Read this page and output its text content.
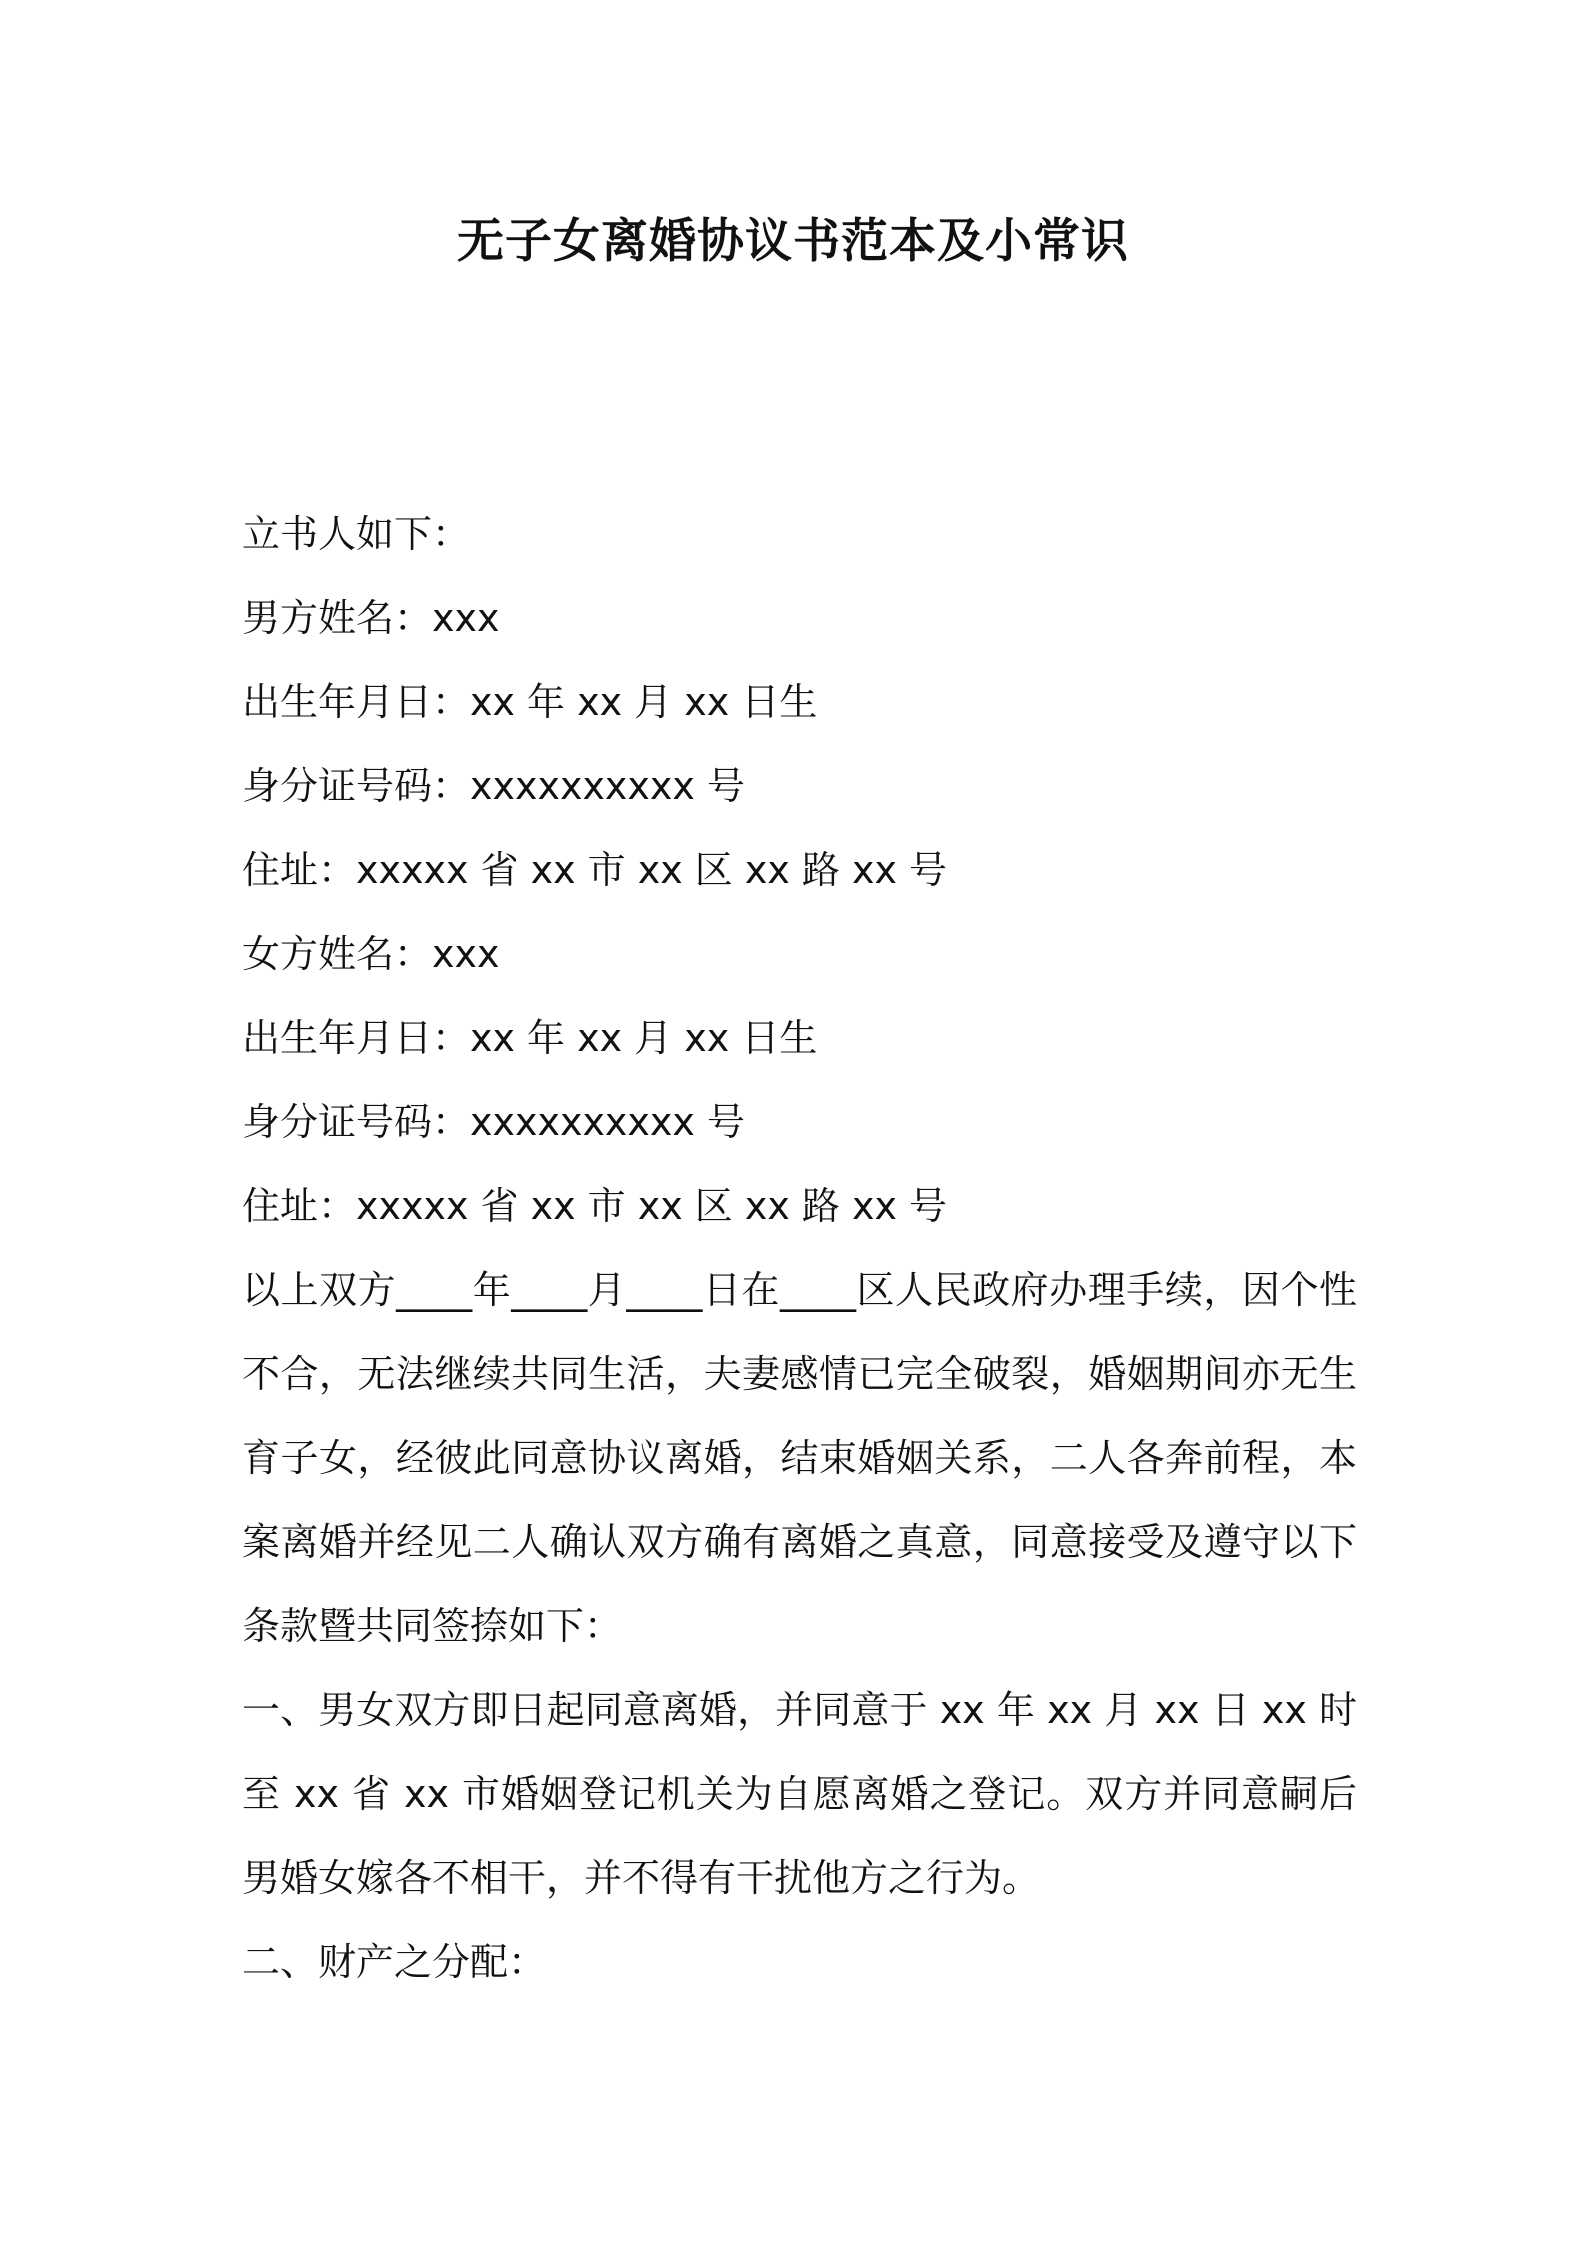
无子女离婚协议书范本及小常识
立书人如下：
男方姓名：xxx
出生年月日：xx 年 xx 月 xx 日生
身分证号码：xxxxxxxxxx 号
住址：xxxxx 省 xx 市 xx 区 xx 路 xx 号
女方姓名：xxx
出生年月日：xx 年 xx 月 xx 日生
身分证号码：xxxxxxxxxx 号
住址：xxxxx 省 xx 市 xx 区 xx 路 xx 号
以上双方____年____月____日在____区人民政府办理手续，因个性不合，无法继续共同生活，夫妻感情已完全破裂，婚姻期间亦无生育子女，经彼此同意协议离婚，结束婚姻关系，二人各奔前程，本案离婚并经见二人确认双方确有离婚之真意，同意接受及遵守以下条款暨共同签捺如下：
一、男女双方即日起同意离婚，并同意于 xx 年 xx 月 xx 日 xx 时至 xx 省 xx 市婚姻登记机关为自愿离婚之登记。双方并同意嗣后男婚女嫁各不相干，并不得有干扰他方之行为。
二、财产之分配：
